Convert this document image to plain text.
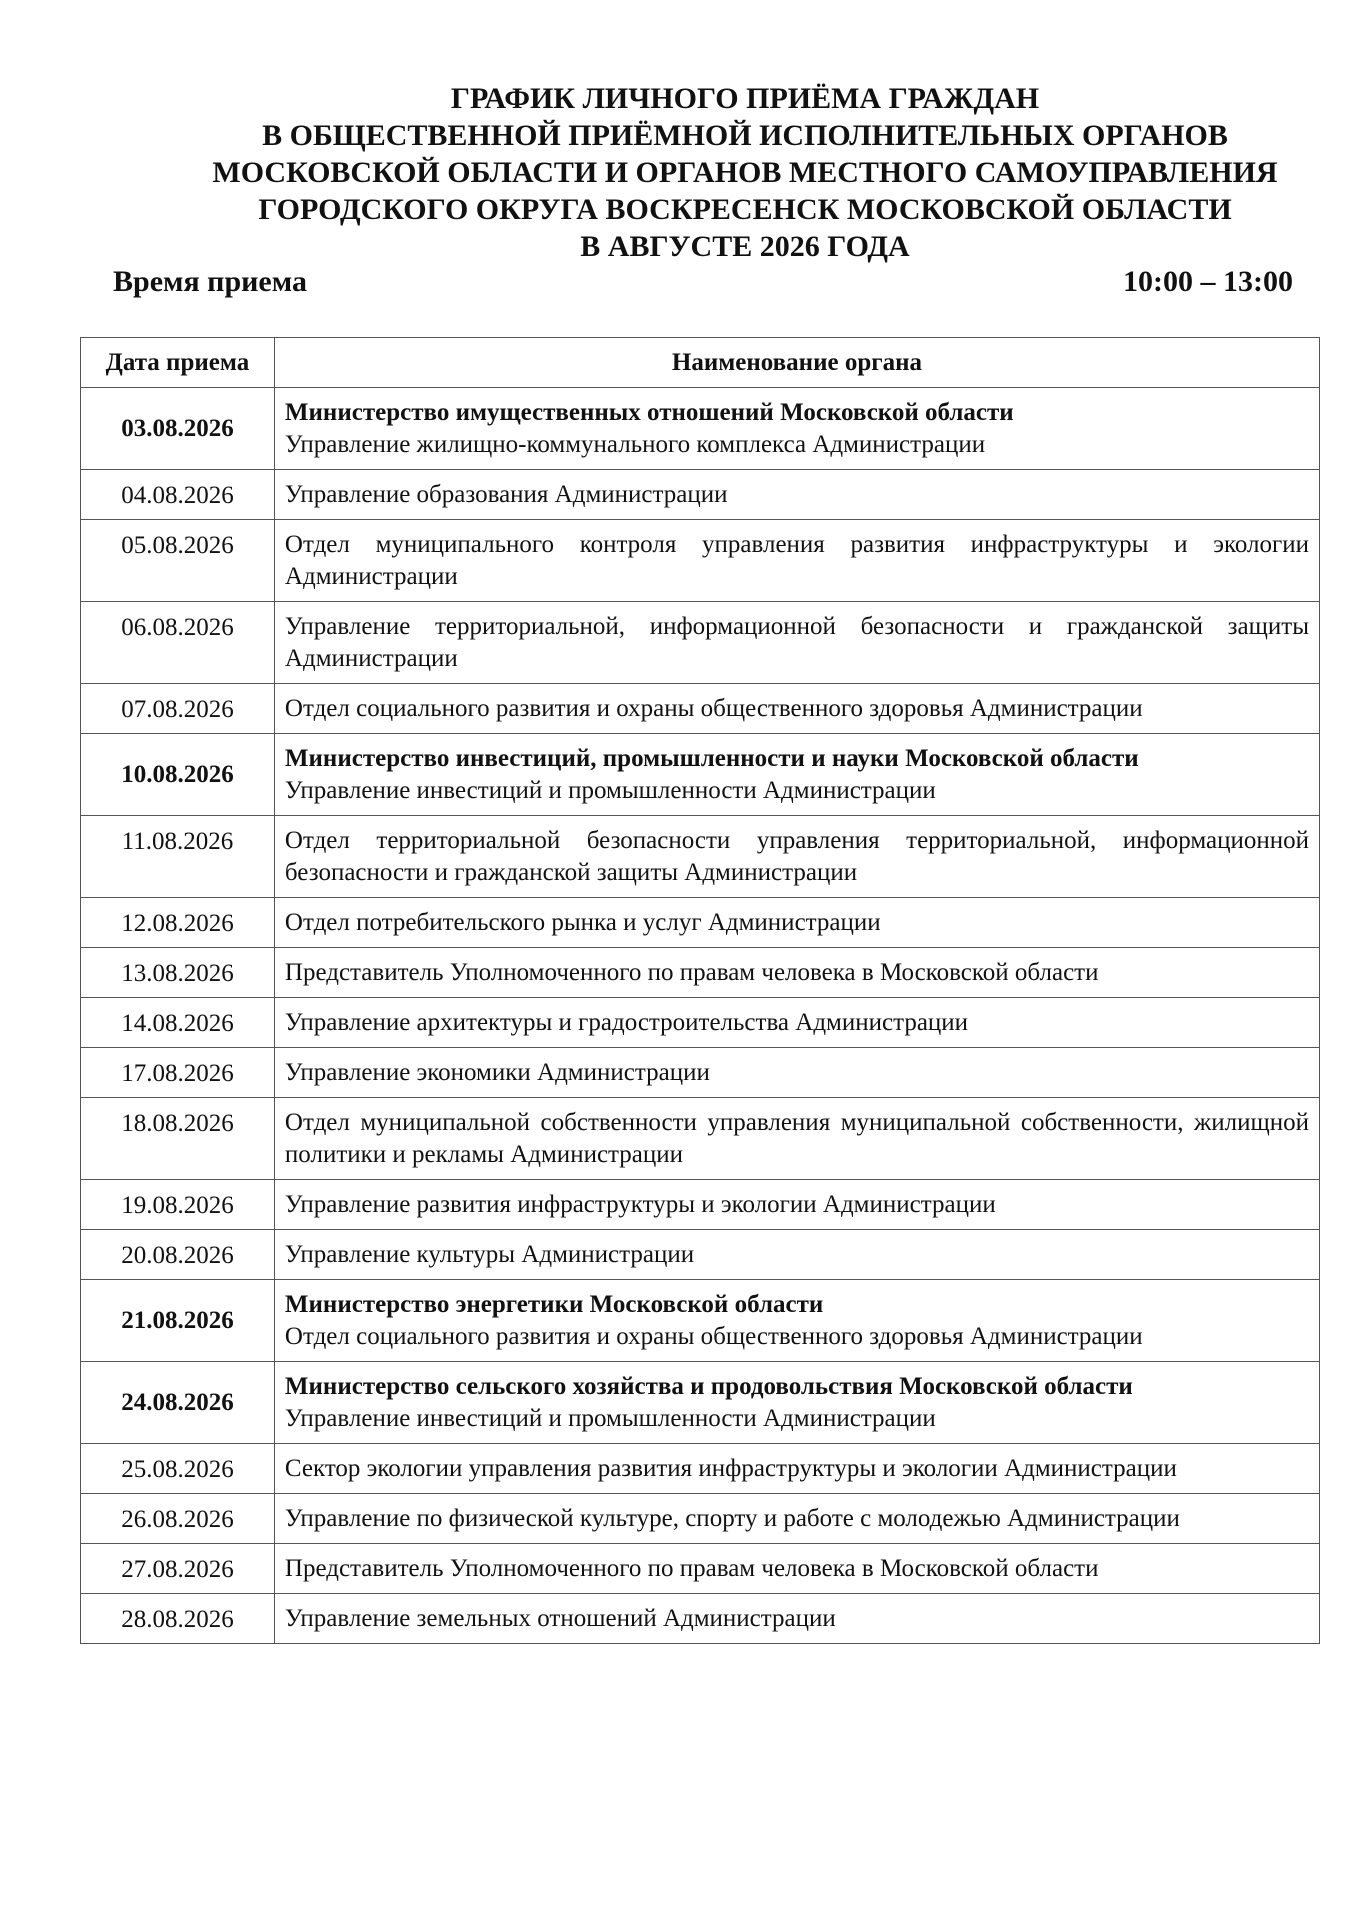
ГРАФИК ЛИЧНОГО ПРИЁМА ГРАЖДАН
В ОБЩЕСТВЕННОЙ ПРИЁМНОЙ ИСПОЛНИТЕЛЬНЫХ ОРГАНОВ
МОСКОВСКОЙ ОБЛАСТИ И ОРГАНОВ МЕСТНОГО САМОУПРАВЛЕНИЯ
ГОРОДСКОГО ОКРУГА ВОСКРЕСЕНСК МОСКОВСКОЙ ОБЛАСТИ
В АВГУСТЕ 2026 ГОДА
Время приема	10:00 – 13:00
Дата приема	Наименование органа
03.08.2026	Министерство имущественных отношений Московской области
Управление жилищно-коммунального комплекса Администрации

04.08.2026	Управление образования Администрации

05.08.2026	Отдел муниципального контроля управления развития инфраструктуры и экологии Администрации

06.08.2026	Управление территориальной, информационной безопасности и гражданской защиты Администрации

07.08.2026	Отдел социального развития и охраны общественного здоровья Администрации

10.08.2026	Министерство инвестиций, промышленности и науки Московской области
Управление инвестиций и промышленности Администрации

11.08.2026	Отдел территориальной безопасности управления территориальной, информационной безопасности и гражданской защиты Администрации

12.08.2026	Отдел потребительского рынка и услуг Администрации

13.08.2026	Представитель Уполномоченного по правам человека в Московской области

14.08.2026	Управление архитектуры и градостроительства Администрации

17.08.2026	Управление экономики Администрации

18.08.2026	Отдел муниципальной собственности управления муниципальной собственности, жилищной политики и рекламы Администрации

19.08.2026	Управление развития инфраструктуры и экологии Администрации

20.08.2026	Управление культуры Администрации

21.08.2026	Министерство энергетики Московской области
Отдел социального развития и охраны общественного здоровья Администрации

24.08.2026	Министерство сельского хозяйства и продовольствия Московской области
Управление инвестиций и промышленности Администрации

25.08.2026	Сектор экологии управления развития инфраструктуры и экологии Администрации

26.08.2026	Управление по физической культуре, спорту и работе с молодежью Администрации

27.08.2026	Представитель Уполномоченного по правам человека в Московской области

28.08.2026	Управление земельных отношений Администрации
